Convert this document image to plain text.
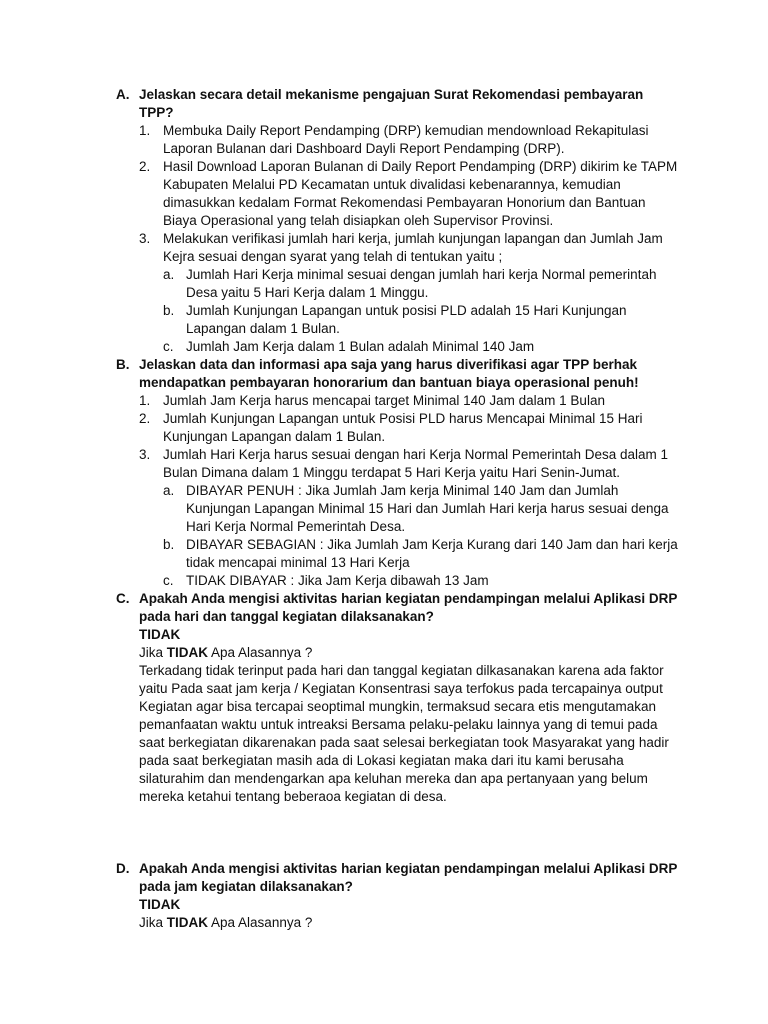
A. Jelaskan secara detail mekanisme pengajuan Surat Rekomendasi pembayaran TPP?
1. Membuka Daily Report Pendamping (DRP) kemudian mendownload Rekapitulasi Laporan Bulanan dari Dashboard Dayli Report Pendamping (DRP).
2. Hasil Download Laporan Bulanan di Daily Report Pendamping (DRP) dikirim ke TAPM Kabupaten Melalui PD Kecamatan untuk divalidasi kebenarannya, kemudian dimasukkan kedalam Format Rekomendasi Pembayaran Honorium dan Bantuan Biaya Operasional yang telah disiapkan oleh Supervisor Provinsi.
3. Melakukan verifikasi jumlah hari kerja, jumlah kunjungan lapangan dan Jumlah Jam Kejra sesuai dengan syarat yang telah di tentukan yaitu ;
a. Jumlah Hari Kerja minimal sesuai dengan jumlah hari kerja Normal pemerintah Desa yaitu 5 Hari Kerja dalam 1 Minggu.
b. Jumlah Kunjungan Lapangan untuk posisi PLD adalah 15 Hari Kunjungan Lapangan dalam 1 Bulan.
c. Jumlah Jam Kerja dalam 1 Bulan adalah Minimal 140 Jam
B. Jelaskan data dan informasi apa saja yang harus diverifikasi agar TPP berhak mendapatkan pembayaran honorarium dan bantuan biaya operasional penuh!
1. Jumlah Jam Kerja harus mencapai target Minimal 140 Jam dalam 1 Bulan
2. Jumlah Kunjungan Lapangan untuk Posisi PLD harus Mencapai Minimal 15 Hari Kunjungan Lapangan dalam 1 Bulan.
3. Jumlah Hari Kerja harus sesuai dengan hari Kerja Normal Pemerintah Desa dalam 1 Bulan Dimana dalam 1 Minggu terdapat 5 Hari Kerja yaitu Hari Senin-Jumat.
a. DIBAYAR PENUH : Jika Jumlah Jam kerja Minimal 140 Jam dan Jumlah Kunjungan Lapangan Minimal 15 Hari dan Jumlah Hari kerja harus sesuai denga Hari Kerja Normal Pemerintah Desa.
b. DIBAYAR SEBAGIAN : Jika Jumlah Jam Kerja Kurang dari 140 Jam dan hari kerja tidak mencapai minimal 13 Hari Kerja
c. TIDAK DIBAYAR : Jika Jam Kerja dibawah 13 Jam
C. Apakah Anda mengisi aktivitas harian kegiatan pendampingan melalui Aplikasi DRP pada hari dan tanggal kegiatan dilaksanakan?
TIDAK
Jika TIDAK Apa Alasannya ?
Terkadang tidak terinput pada hari dan tanggal kegiatan dilkasanakan karena ada faktor yaitu Pada saat jam kerja / Kegiatan Konsentrasi saya terfokus pada tercapainya output Kegiatan agar bisa tercapai seoptimal mungkin, termaksud secara etis mengutamakan pemanfaatan waktu untuk intreaksi Bersama pelaku-pelaku lainnya yang di temui pada saat berkegiatan dikarenakan pada saat selesai berkegiatan took Masyarakat yang hadir pada saat berkegiatan masih ada di Lokasi kegiatan maka dari itu kami berusaha silaturahim dan mendengarkan apa keluhan mereka dan apa pertanyaan yang belum mereka ketahui tentang beberaoa kegiatan di desa.
D. Apakah Anda mengisi aktivitas harian kegiatan pendampingan melalui Aplikasi DRP pada jam kegiatan dilaksanakan?
TIDAK
Jika TIDAK Apa Alasannya ?
